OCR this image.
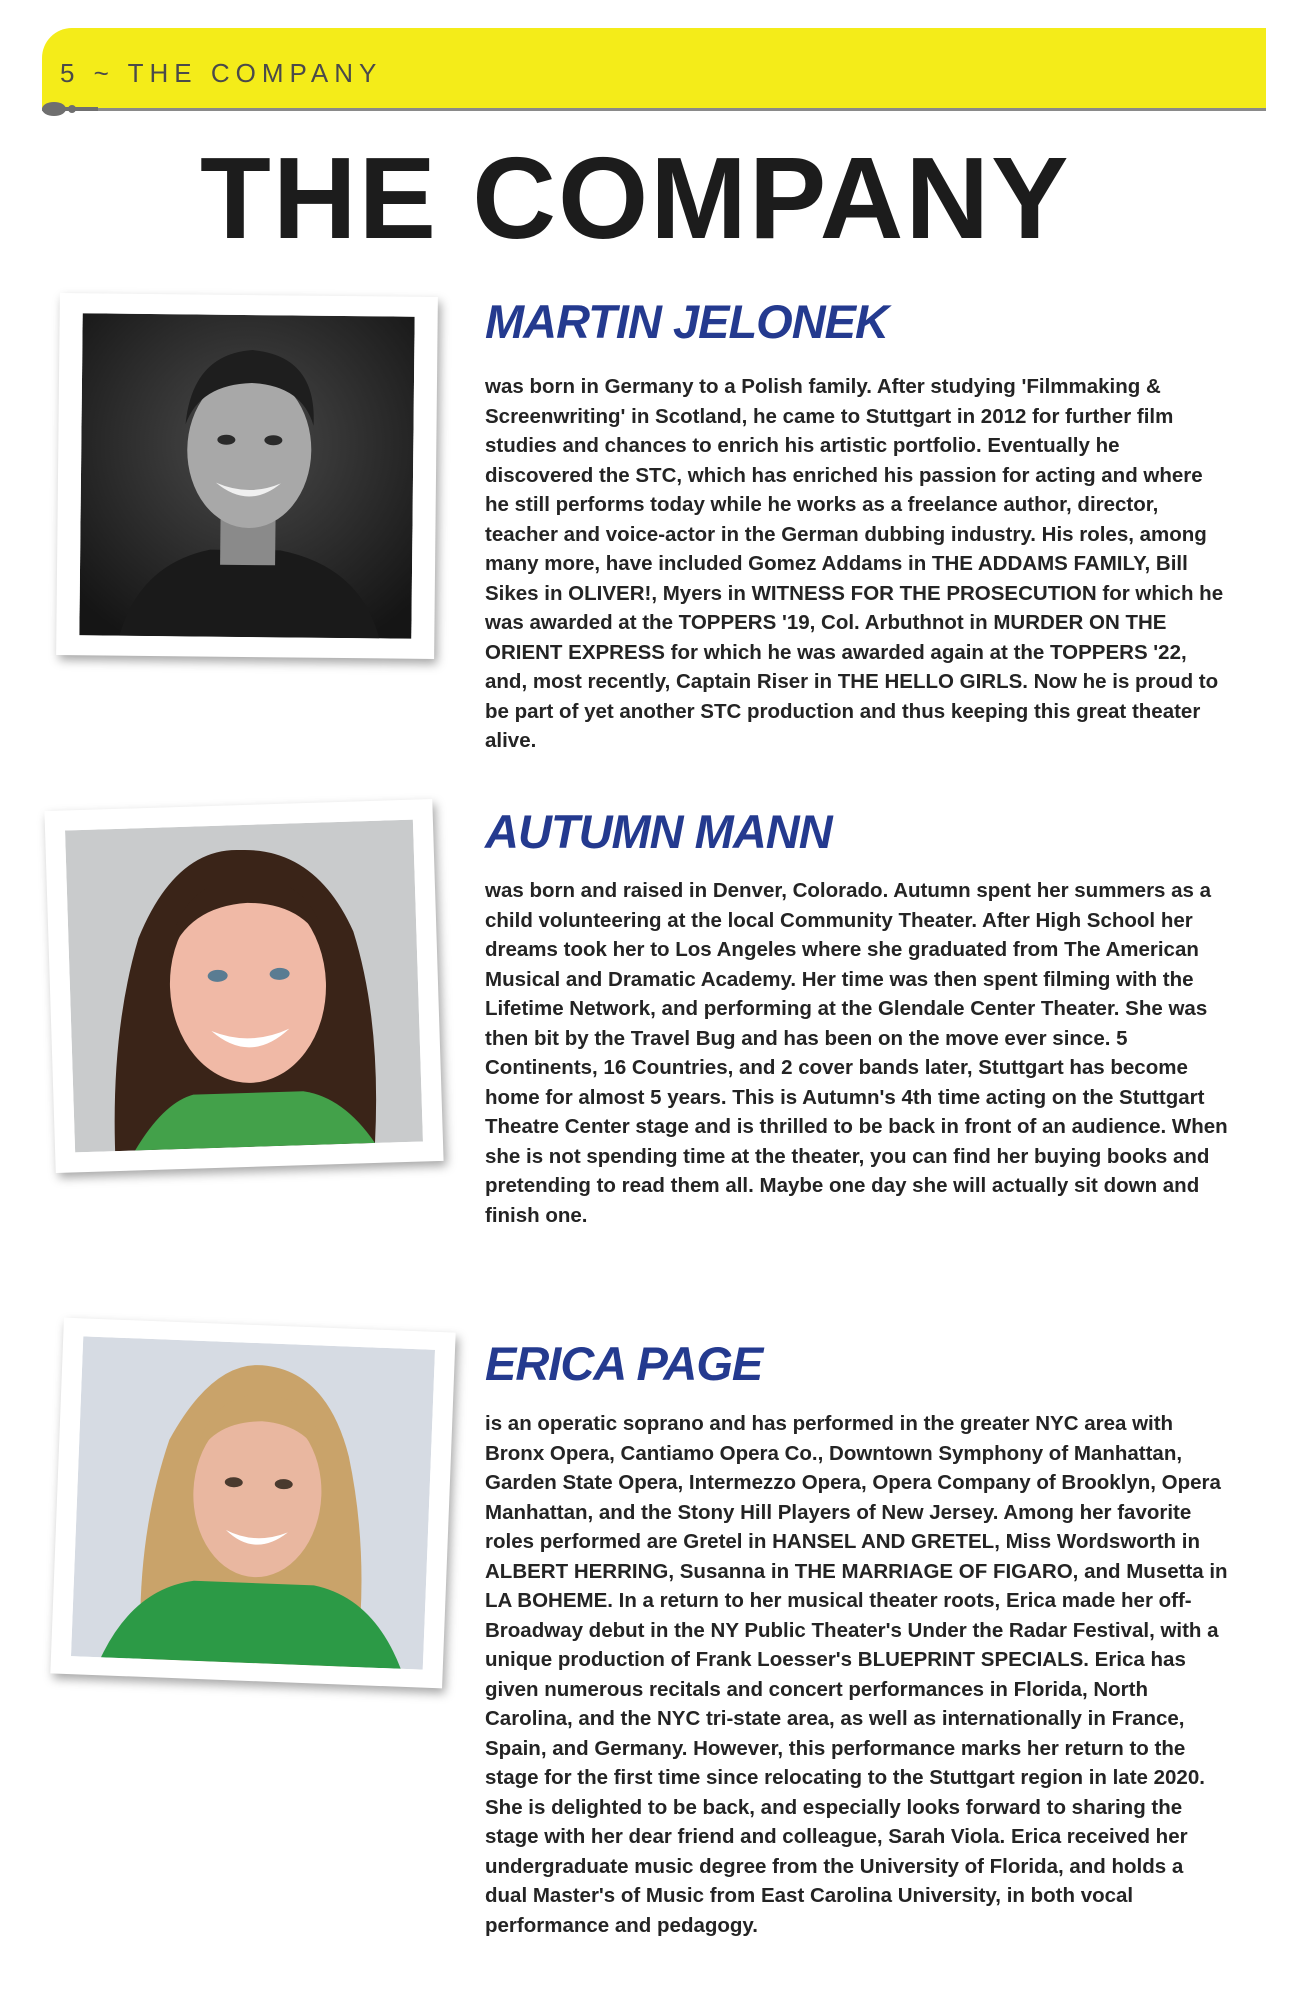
5 ~ THE COMPANY
THE COMPANY
MARTIN JELONEK

was born in Germany to a Polish family. After studying 'Filmmaking & Screenwriting' in Scotland, he came to Stuttgart in 2012 for further film studies and chances to enrich his artistic portfolio. Eventually he discovered the STC, which has enriched his passion for acting and where he still performs today while he works as a freelance author, director, teacher and voice-actor in the German dubbing industry. His roles, among many more, have included Gomez Addams in THE ADDAMS FAMILY, Bill Sikes in OLIVER!, Myers in WITNESS FOR THE PROSECUTION for which he was awarded at the TOPPERS '19, Col. Arbuthnot in MURDER ON THE ORIENT EXPRESS for which he was awarded again at the TOPPERS '22, and, most recently, Captain Riser in THE HELLO GIRLS. Now he is proud to be part of yet another STC production and thus keeping this great theater alive.

AUTUMN MANN

was born and raised in Denver, Colorado. Autumn spent her summers as a child volunteering at the local Community Theater. After High School her dreams took her to Los Angeles where she graduated from The American Musical and Dramatic Academy. Her time was then spent filming with the Lifetime Network, and performing at the Glendale Center Theater. She was then bit by the Travel Bug and has been on the move ever since. 5 Continents, 16 Countries, and 2 cover bands later, Stuttgart has become home for almost 5 years. This is Autumn's 4th time acting on the Stuttgart Theatre Center stage and is thrilled to be back in front of an audience. When she is not spending time at the theater, you can find her buying books and pretending to read them all. Maybe one day she will actually sit down and finish one.

ERICA PAGE

is an operatic soprano and has performed in the greater NYC area with Bronx Opera, Cantiamo Opera Co., Downtown Symphony of Manhattan, Garden State Opera, Intermezzo Opera, Opera Company of Brooklyn, Opera Manhattan, and the Stony Hill Players of New Jersey. Among her favorite roles performed are Gretel in HANSEL AND GRETEL, Miss Wordsworth in ALBERT HERRING, Susanna in THE MARRIAGE OF FIGARO, and Musetta in LA BOHEME. In a return to her musical theater roots, Erica made her off-Broadway debut in the NY Public Theater's Under the Radar Festival, with a unique production of Frank Loesser's BLUEPRINT SPECIALS. Erica has given numerous recitals and concert performances in Florida, North Carolina, and the NYC tri-state area, as well as internationally in France, Spain, and Germany. However, this performance marks her return to the stage for the first time since relocating to the Stuttgart region in late 2020. She is delighted to be back, and especially looks forward to sharing the stage with her dear friend and colleague, Sarah Viola. Erica received her undergraduate music degree from the University of Florida, and holds a dual Master's of Music from East Carolina University, in both vocal performance and pedagogy.
